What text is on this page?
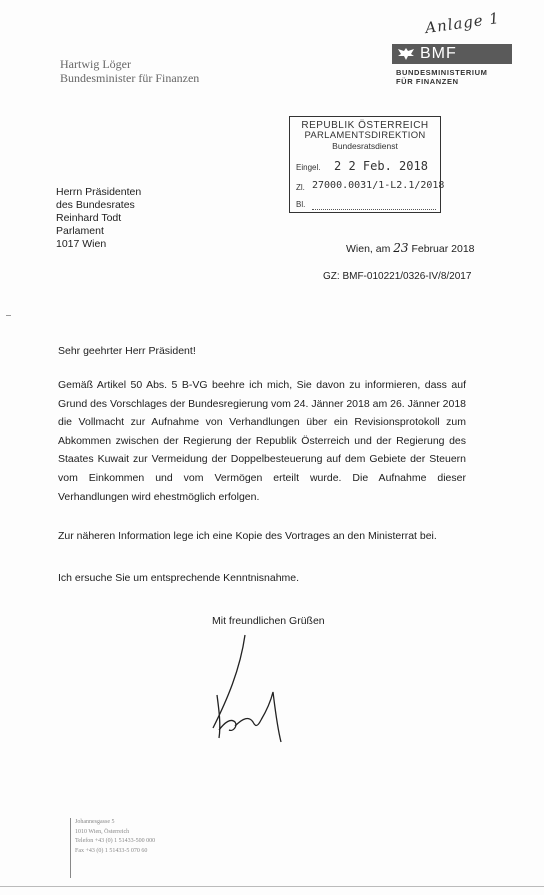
Anlage 1
Hartwig Löger
Bundesminister für Finanzen
BMF
BUNDESMINISTERIUM
FÜR FINANZEN
REPUBLIK ÖSTERREICH
PARLAMENTSDIREKTION
Bundesratsdienst
Eingel. 2 2 Feb. 2018
Zl. 27000.0031/1-L2.1/2018
Bl.
Herrn Präsidenten
des Bundesrates
Reinhard Todt
Parlament
1017 Wien	Wien, am 23 Februar 2018
GZ: BMF-010221/0326-IV/8/2017
Sehr geehrter Herr Präsident!
Gemäß Artikel 50 Abs. 5 B-VG beehre ich mich, Sie davon zu informieren, dass auf Grund des Vorschlages der Bundesregierung vom 24. Jänner 2018 am 26. Jänner 2018 die Vollmacht zur Aufnahme von Verhandlungen über ein Revisionsprotokoll zum Abkommen zwischen der Regierung der Republik Österreich und der Regierung des Staates Kuwait zur Vermeidung der Doppelbesteuerung auf dem Gebiete der Steuern vom Einkommen und vom Vermögen erteilt wurde. Die Aufnahme dieser Verhandlungen wird ehestmöglich erfolgen.
Zur näheren Information lege ich eine Kopie des Vortrages an den Ministerrat bei.
Ich ersuche Sie um entsprechende Kenntnisnahme.
Mit freundlichen Grüßen
Johannesgasse 5
1010 Wien, Österreich
Telefon +43 (0) 1 51433-500 000
Fax +43 (0) 1 51433-5 070 60
